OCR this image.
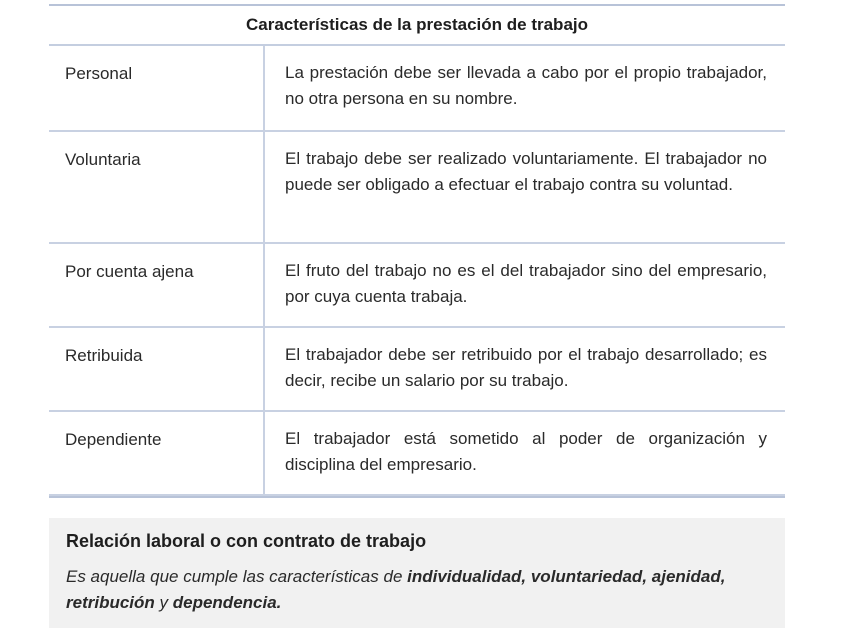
Características de la prestación de trabajo
Personal	La prestación debe ser llevada a cabo por el propio trabajador, no otra persona en su nombre.
Voluntaria	El trabajo debe ser realizado voluntariamente. El trabajador no puede ser obligado a efectuar el trabajo contra su voluntad.
Por cuenta ajena	El fruto del trabajo no es el del trabajador sino del empresario, por cuya cuenta trabaja.
Retribuida	El trabajador debe ser retribuido por el trabajo desarrollado; es decir, recibe un salario por su trabajo.
Dependiente	El trabajador está sometido al poder de organización y disciplina del empresario.
Relación laboral o con contrato de trabajo
Es aquella que cumple las características de individualidad, voluntariedad, ajenidad, retribución y dependencia.
